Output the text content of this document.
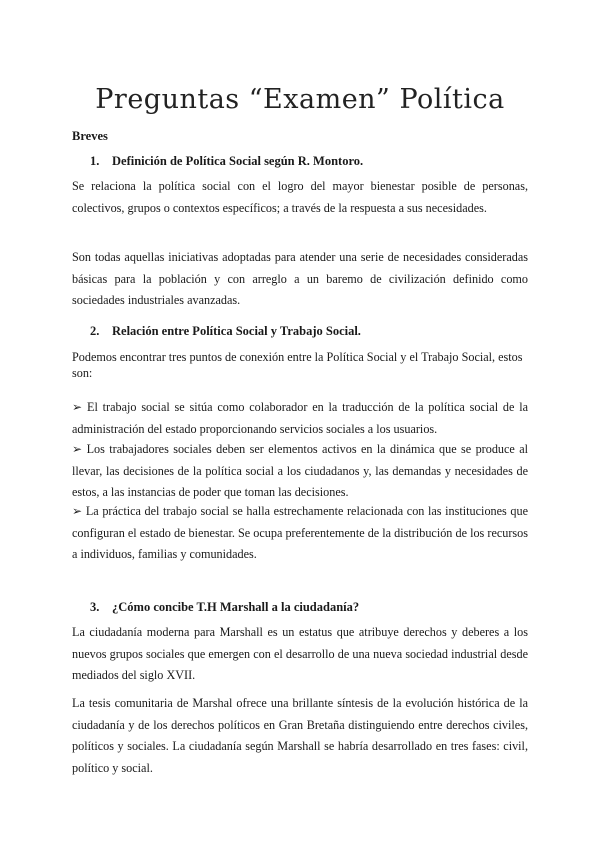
Preguntas “Examen” Política
Breves
1. Definición de Política Social según R. Montoro.
Se relaciona la política social con el logro del mayor bienestar posible de personas, colectivos, grupos o contextos específicos; a través de la respuesta a sus necesidades.
Son todas aquellas iniciativas adoptadas para atender una serie de necesidades consideradas básicas para la población y con arreglo a un baremo de civilización definido como sociedades industriales avanzadas.
2. Relación entre Política Social y Trabajo Social.
Podemos encontrar tres puntos de conexión entre la Política Social y el Trabajo Social, estos son:
➢ El trabajo social se sitúa como colaborador en la traducción de la política social de la administración del estado proporcionando servicios sociales a los usuarios.
➢ Los trabajadores sociales deben ser elementos activos en la dinámica que se produce al llevar, las decisiones de la política social a los ciudadanos y, las demandas y necesidades de estos, a las instancias de poder que toman las decisiones.
➢ La práctica del trabajo social se halla estrechamente relacionada con las instituciones que configuran el estado de bienestar. Se ocupa preferentemente de la distribución de los recursos a individuos, familias y comunidades.
3. ¿Cómo concibe T.H Marshall a la ciudadanía?
La ciudadanía moderna para Marshall es un estatus que atribuye derechos y deberes a los nuevos grupos sociales que emergen con el desarrollo de una nueva sociedad industrial desde mediados del siglo XVII.
La tesis comunitaria de Marshal ofrece una brillante síntesis de la evolución histórica de la ciudadanía y de los derechos políticos en Gran Bretaña distinguiendo entre derechos civiles, políticos y sociales. La ciudadanía según Marshall se habría desarrollado en tres fases: civil, político y social.
